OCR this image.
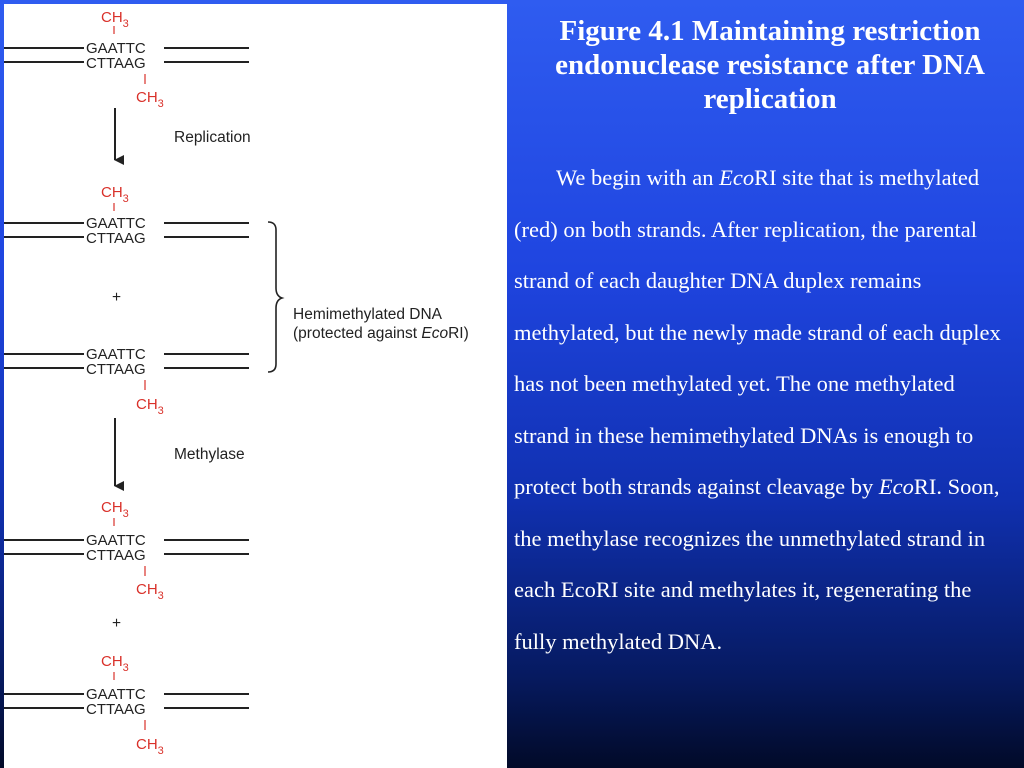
$CH_3$
GAATTC
CTTAAG
$CH_3$
Replication
$CH_3$
GAATTC
CTTAAG
+
GAATTC
CTTAAG
$CH_3$
Hemimethylated DNA
(protected against EcoRI)
Methylase
$CH_3$
GAATTC
CTTAAG
$CH_3$
+
$CH_3$
GAATTC
CTTAAG
$CH_3$
Figure 4.1 Maintaining restriction endonuclease resistance after DNA replication

We begin with an EcoRI site that is methylated (red) on both strands. After replication, the parental strand of each daughter DNA duplex remains methylated, but the newly made strand of each duplex has not been methylated yet. The one methylated strand in these hemimethylated DNAs is enough to protect both strands against cleavage by EcoRI. Soon, the methylase recognizes the unmethylated strand in each EcoRI site and methylates it, regenerating the fully methylated DNA.
